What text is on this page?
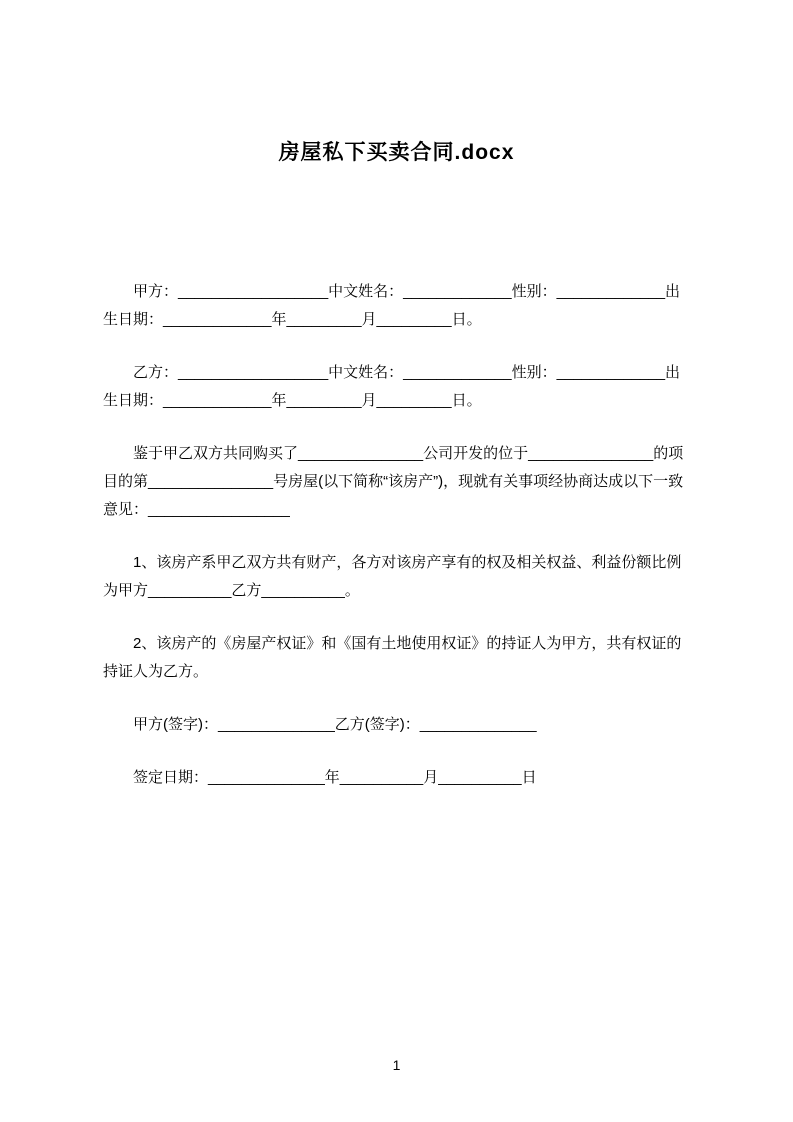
房屋私下买卖合同.docx

甲方：__________________中文姓名：_____________性别：_____________出生日期：_____________年_________月_________日。

乙方：__________________中文姓名：_____________性别：_____________出生日期：_____________年_________月_________日。

鉴于甲乙双方共同购买了_______________公司开发的位于_______________的项目的第_______________号房屋(以下简称“该房产”)，现就有关事项经协商达成以下一致意见：_________________

1、该房产系甲乙双方共有财产，各方对该房产享有的权及相关权益、利益份额比例为甲方__________乙方__________。

2、该房产的《房屋产权证》和《国有土地使用权证》的持证人为甲方，共有权证的持证人为乙方。

甲方(签字)：______________乙方(签字)：______________

签定日期：______________年__________月__________日

1
